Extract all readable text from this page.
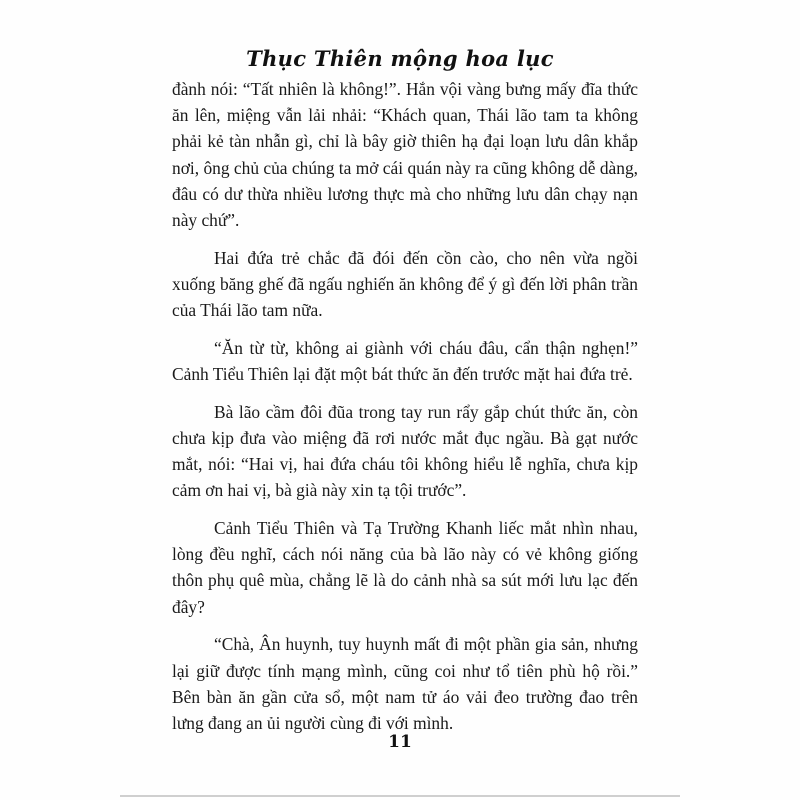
Thục Thiên mộng hoa lục

đành nói: “Tất nhiên là không!”. Hắn vội vàng bưng mấy đĩa thức ăn lên, miệng vẫn lải nhải: “Khách quan, Thái lão tam ta không phải kẻ tàn nhẫn gì, chỉ là bây giờ thiên hạ đại loạn lưu dân khắp nơi, ông chủ của chúng ta mở cái quán này ra cũng không dễ dàng, đâu có dư thừa nhiều lương thực mà cho những lưu dân chạy nạn này chứ”.

Hai đứa trẻ chắc đã đói đến cồn cào, cho nên vừa ngồi xuống băng ghế đã ngấu nghiến ăn không để ý gì đến lời phân trần của Thái lão tam nữa.

“Ăn từ từ, không ai giành với cháu đâu, cẩn thận nghẹn!” Cảnh Tiểu Thiên lại đặt một bát thức ăn đến trước mặt hai đứa trẻ.

Bà lão cầm đôi đũa trong tay run rẩy gắp chút thức ăn, còn chưa kịp đưa vào miệng đã rơi nước mắt đục ngầu. Bà gạt nước mắt, nói: “Hai vị, hai đứa cháu tôi không hiểu lễ nghĩa, chưa kịp cảm ơn hai vị, bà già này xin tạ tội trước”.

Cảnh Tiểu Thiên và Tạ Trường Khanh liếc mắt nhìn nhau, lòng đều nghĩ, cách nói năng của bà lão này có vẻ không giống thôn phụ quê mùa, chẳng lẽ là do cảnh nhà sa sút mới lưu lạc đến đây?

“Chà, Ân huynh, tuy huynh mất đi một phần gia sản, nhưng lại giữ được tính mạng mình, cũng coi như tổ tiên phù hộ rồi.” Bên bàn ăn gần cửa sổ, một nam tử áo vải đeo trường đao trên lưng đang an ủi người cùng đi với mình.

11
